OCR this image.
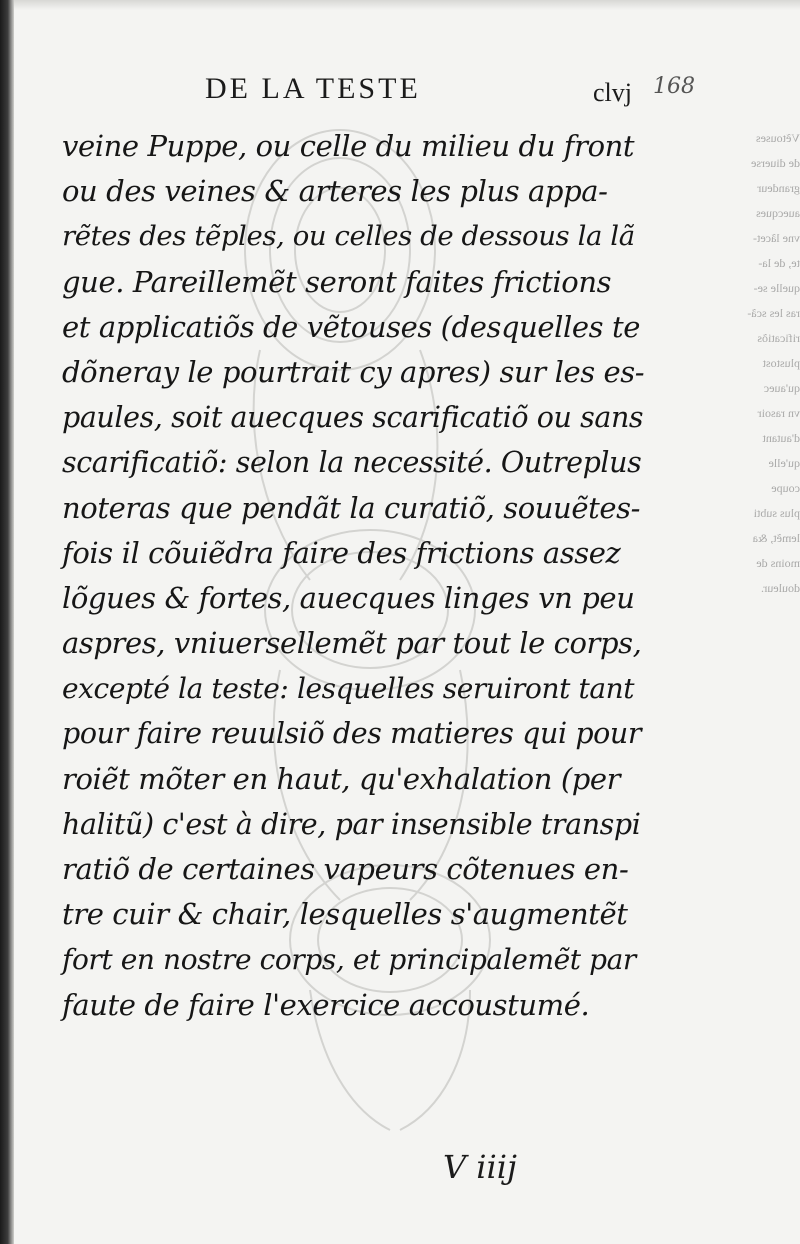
DE LA TESTE	clvj 168
Vẽtouses
de diuerse
grandeur
auecques
vne lãcet-
te, de la-
quelle se-
ras les scã-
rificatiõs
plustost
qu'auec
vn rasoir
d'autant
qu'elle
coupe
plus subti
lemẽt, &a
moins de
douleur.
veine Puppe, ou celle du milieu du front
ou des veines & arteres les plus appa-
rẽtes des tẽples, ou celles de dessous la lã
gue. Pareillemẽt seront faites frictions
et applicatiõs de vẽtouses (desquelles te
dõneray le pourtrait cy apres) sur les es-
paules, soit auecques scarificatiõ ou sans
scarificatiõ: selon la necessité. Outreplus
noteras que pendãt la curatiõ, souuẽtes-
fois il cõuiẽdra faire des frictions assez
lõgues & fortes, auecques linges vn peu
aspres, vniuersellemẽt par tout le corps,
excepté la teste: lesquelles seruiront tant
pour faire reuulsiõ des matieres qui pour
roiẽt mõter en haut, qu'exhalation (per
halitũ) c'est à dire, par insensible transpi
ratiõ de certaines vapeurs cõtenues en-
tre cuir & chair, lesquelles s'augmentẽt
fort en nostre corps, et principalemẽt par
faute de faire l'exercice accoustumé.
V iiij
